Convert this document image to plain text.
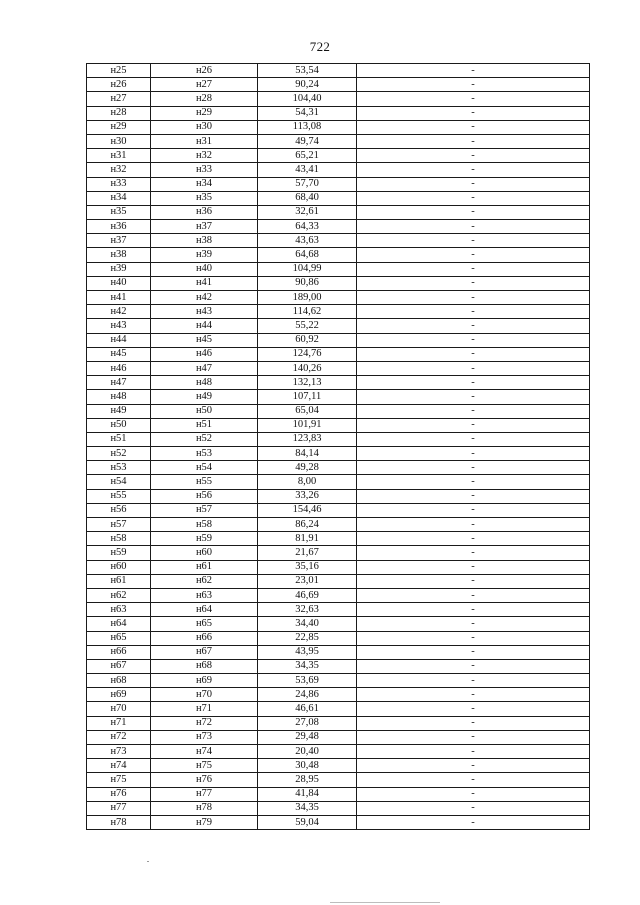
722
н25	н26	53,54	-
н26	н27	90,24	-
н27	н28	104,40	-
н28	н29	54,31	-
н29	н30	113,08	-
н30	н31	49,74	-
н31	н32	65,21	-
н32	н33	43,41	-
н33	н34	57,70	-
н34	н35	68,40	-
н35	н36	32,61	-
н36	н37	64,33	-
н37	н38	43,63	-
н38	н39	64,68	-
н39	н40	104,99	-
н40	н41	90,86	-
н41	н42	189,00	-
н42	н43	114,62	-
н43	н44	55,22	-
н44	н45	60,92	-
н45	н46	124,76	-
н46	н47	140,26	-
н47	н48	132,13	-
н48	н49	107,11	-
н49	н50	65,04	-
н50	н51	101,91	-
н51	н52	123,83	-
н52	н53	84,14	-
н53	н54	49,28	-
н54	н55	8,00	-
н55	н56	33,26	-
н56	н57	154,46	-
н57	н58	86,24	-
н58	н59	81,91	-
н59	н60	21,67	-
н60	н61	35,16	-
н61	н62	23,01	-
н62	н63	46,69	-
н63	н64	32,63	-
н64	н65	34,40	-
н65	н66	22,85	-
н66	н67	43,95	-
н67	н68	34,35	-
н68	н69	53,69	-
н69	н70	24,86	-
н70	н71	46,61	-
н71	н72	27,08	-
н72	н73	29,48	-
н73	н74	20,40	-
н74	н75	30,48	-
н75	н76	28,95	-
н76	н77	41,84	-
н77	н78	34,35	-
н78	н79	59,04	-
